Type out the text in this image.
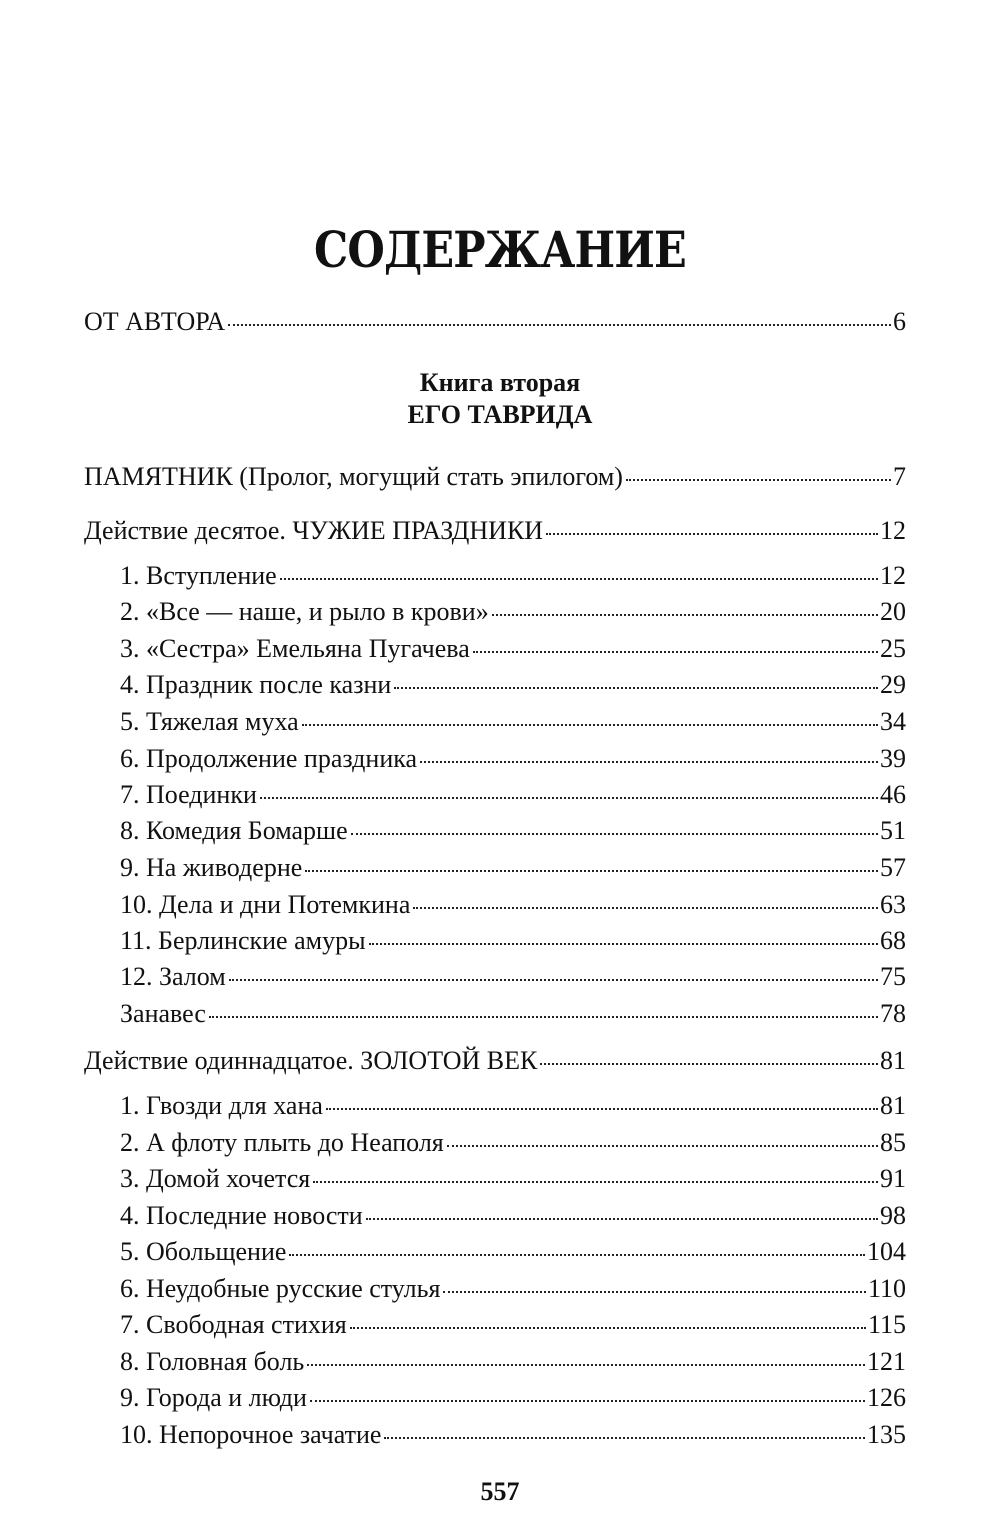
СОДЕРЖАНИЕ
ОТ АВТОРА	6
Книга вторая
ЕГО ТАВРИДА
ПАМЯТНИК (Пролог, могущий стать эпилогом)	7
Действие десятое. ЧУЖИЕ ПРАЗДНИКИ	12
1. Вступление	12
2. «Все — наше, и рыло в крови»	20
3. «Сестра» Емельяна Пугачева	25
4. Праздник после казни	29
5. Тяжелая муха	34
6. Продолжение праздника	39
7. Поединки	46
8. Комедия Бомарше	51
9. На живодерне	57
10. Дела и дни Потемкина	63
11. Берлинские амуры	68
12. Залом	75
Занавес	78
Действие одиннадцатое. ЗОЛОТОЙ ВЕК	81
1. Гвозди для хана	81
2. А флоту плыть до Неаполя	85
3. Домой хочется	91
4. Последние новости	98
5. Обольщение	104
6. Неудобные русские стулья	110
7. Свободная стихия	115
8. Головная боль	121
9. Города и люди	126
10. Непорочное зачатие	135
557
